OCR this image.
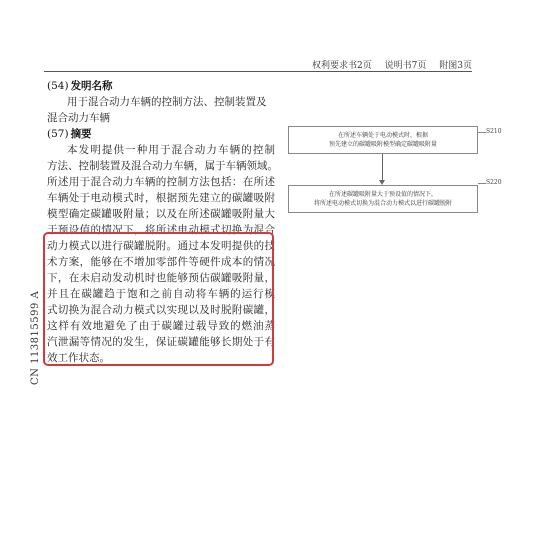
权利要求书2页 说明书7页 附图3页
CN 113815599 A
(54) 发明名称
用于混合动力车辆的控制方法、控制装置及
混合动力车辆
(57) 摘要
本发明提供一种用于混合动力车辆的控制
方法、控制装置及混合动力车辆，属于车辆领域。
所述用于混合动力车辆的控制方法包括：在所述
车辆处于电动模式时，根据预先建立的碳罐吸附
模型确定碳罐吸附量；以及在所述碳罐吸附量大
于预设值的情况下，将所述电动模式切换为混合
动力模式以进行碳罐脱附。通过本发明提供的技
术方案，能够在不增加零部件等硬件成本的情况
下，在未启动发动机时也能够预估碳罐吸附量，
并且在碳罐趋于饱和之前自动将车辆的运行模
式切换为混合动力模式以实现以及时脱附碳罐，
这样有效地避免了由于碳罐过载导致的燃油蒸
汽泄漏等情况的发生，保证碳罐能够长期处于有
效工作状态。
在所述车辆处于电动模式时，根据
预先建立的碳罐吸附模型确定碳罐吸附量
S210
在所述碳罐吸附量大于预设值的情况下，
将所述电动模式切换为混合动力模式以进行碳罐脱附
S220
